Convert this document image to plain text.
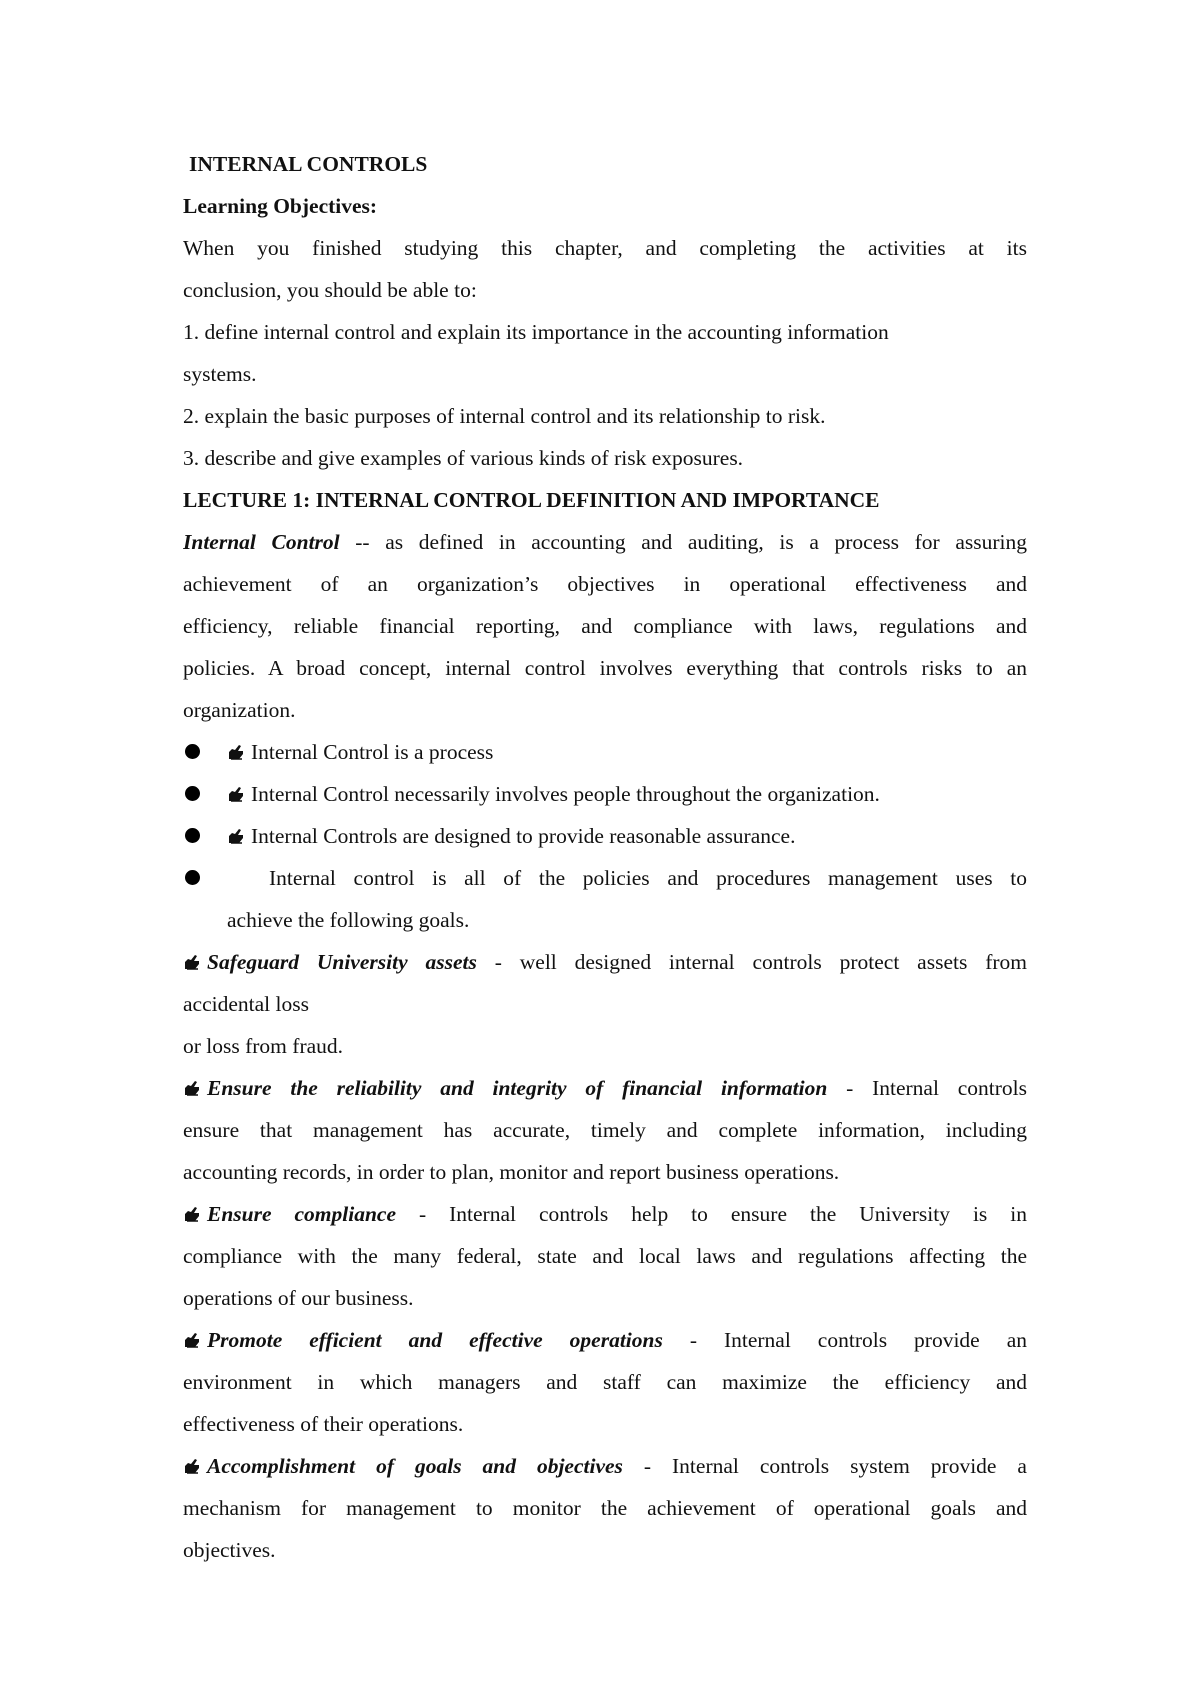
INTERNAL CONTROLS
Learning Objectives:
When you finished studying this chapter, and completing the activities at its
conclusion, you should be able to:
1. define internal control and explain its importance in the accounting information
systems.
2. explain the basic purposes of internal control and its relationship to risk.
3. describe and give examples of various kinds of risk exposures.
LECTURE 1: INTERNAL CONTROL DEFINITION AND IMPORTANCE
Internal Control -- as defined in accounting and auditing, is a process for assuring
achievement of an organization’s objectives in operational effectiveness and
efficiency, reliable financial reporting, and compliance with laws, regulations and
policies. A broad concept, internal control involves everything that controls risks to an
organization.
Internal Control is a process
Internal Control necessarily involves people throughout the organization.
Internal Controls are designed to provide reasonable assurance.
Internal control is all of the policies and procedures management uses to
achieve the following goals.
Safeguard University assets - well designed internal controls protect assets from
accidental loss
or loss from fraud.
Ensure the reliability and integrity of financial information - Internal controls
ensure that management has accurate, timely and complete information, including
accounting records, in order to plan, monitor and report business operations.
Ensure compliance - Internal controls help to ensure the University is in
compliance with the many federal, state and local laws and regulations affecting the
operations of our business.
Promote efficient and effective operations - Internal controls provide an
environment in which managers and staff can maximize the efficiency and
effectiveness of their operations.
Accomplishment of goals and objectives - Internal controls system provide a
mechanism for management to monitor the achievement of operational goals and
objectives.
